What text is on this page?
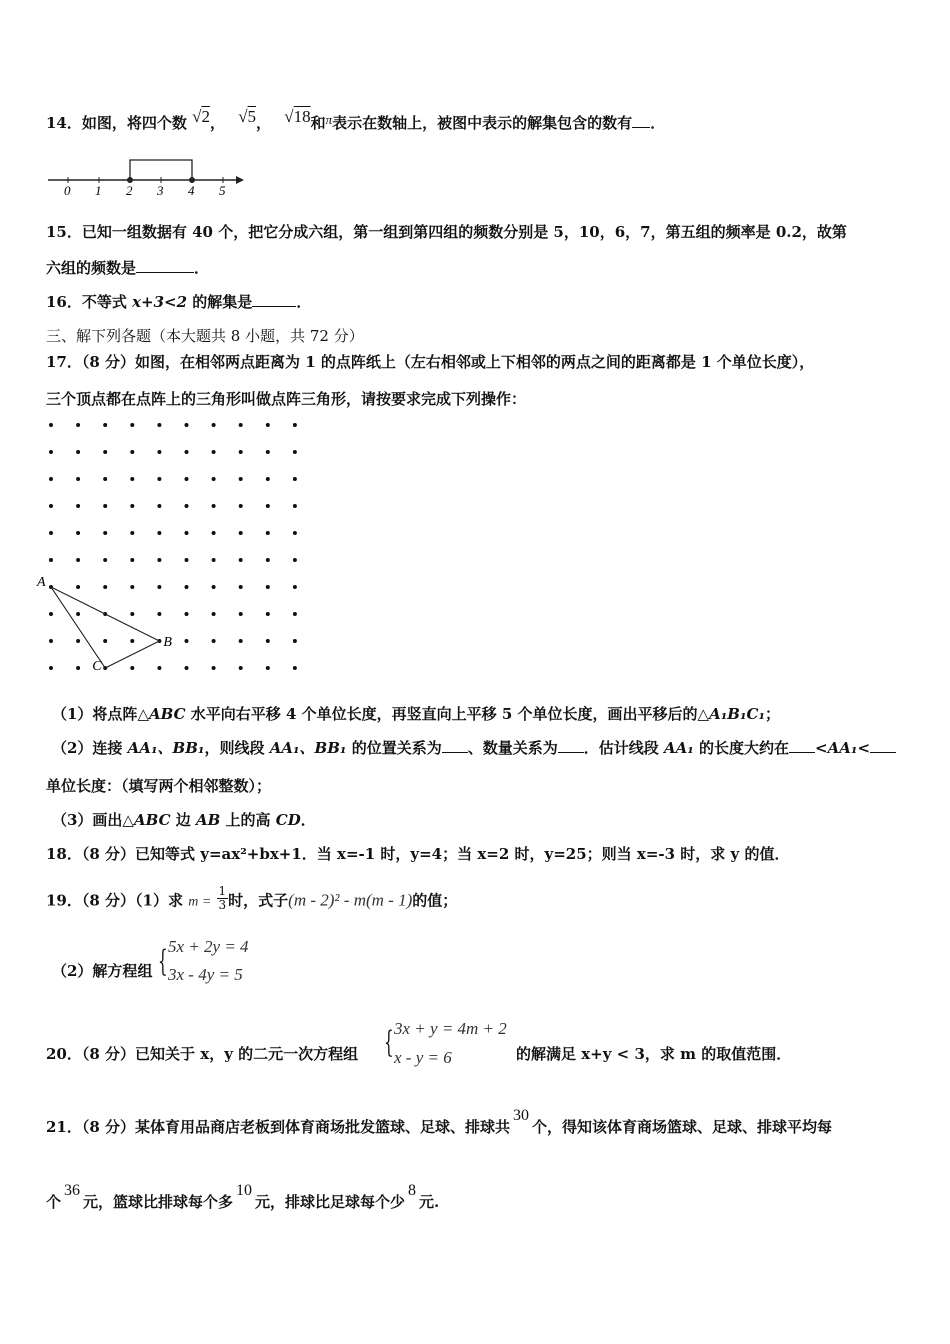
14．如图，将四个数 √2， √5， √18和π表示在数轴上，被图中表示的解集包含的数有 ．
0 1 2 3 4 5
15．已知一组数据有 40 个，把它分成六组，第一组到第四组的频数分别是 5，10，6，7，第五组的频率是 0.2，故第
六组的频数是	．
16．不等式 x+3<2 的解集是	．
三、解下列各题（本大题共 8 小题，共 72 分）
17．（8 分）如图，在相邻两点距离为 1 的点阵纸上（左右相邻或上下相邻的两点之间的距离都是 1 个单位长度），
三个顶点都在点阵上的三角形叫做点阵三角形，请按要求完成下列操作：
A
B
C
（1）将点阵△ABC 水平向右平移 4 个单位长度，再竖直向上平移 5 个单位长度，画出平移后的△A₁B₁C₁；
（2）连接 AA₁、BB₁，则线段 AA₁、BB₁ 的位置关系为 、数量关系为 ．估计线段 AA₁ 的长度大约在 <AA₁<
单位长度：（填写两个相邻整数）；
（3）画出△ABC 边 AB 上的高 CD．
18．（8 分）已知等式 y=ax²+bx+1．当 x=-1 时，y=4；当 x=2 时，y=25；则当 x=-3 时，求 y 的值．
19．（8 分）（1）求 $m = \frac{1}{3}$ 时，式子(m - 2)² - m(m - 1)的值；
（2）解方程组 { 5x + 2y = 4
3x - 4y = 5
20．（8 分）已知关于 x，y 的二元一次方程组 { 3x + y = 4m + 2
x - y = 6	的解满足 x+y < 3，求 m 的取值范围．
21．（8 分）某体育用品商店老板到体育商场批发篮球、足球、排球共30个，得知该体育商场篮球、足球、排球平均每
个36元，篮球比排球每个多10元，排球比足球每个少8元.
